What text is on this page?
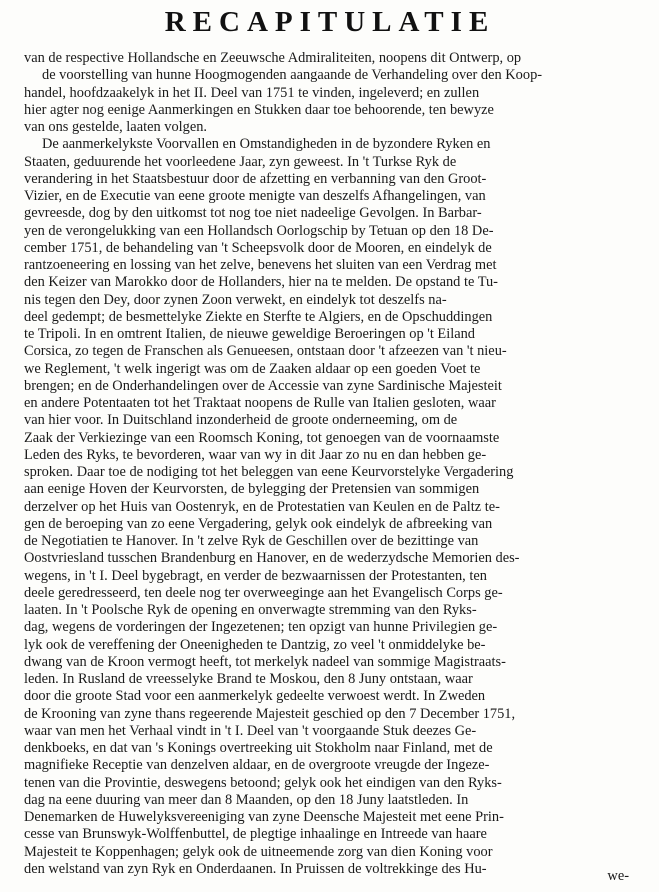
RECAPITULATIE
van de respective Hollandsche en Zeeuwsche Admiraliteiten, noopens dit Ontwerp, op
de voorstelling van hunne Hoogmogenden aangaande de Verhandeling over den Koop-
handel, hoofdzaakelyk in het II. Deel van 1751 te vinden, ingeleverd; en zullen
hier agter nog eenige Aanmerkingen en Stukken daar toe behoorende, ten bewyze
van ons gestelde, laaten volgen.
De aanmerkelykste Voorvallen en Omstandigheden in de byzondere Ryken en
Staaten, geduurende het voorleedene Jaar, zyn geweest. In 't Turkse Ryk de
verandering in het Staatsbestuur door de afzetting en verbanning van den Groot-
Vizier, en de Executie van eene groote menigte van deszelfs Afhangelingen, van
gevreesde, dog by den uitkomst tot nog toe niet nadeelige Gevolgen. In Barbar-
yen de verongelukking van een Hollandsch Oorlogschip by Tetuan op den 18 De-
cember 1751, de behandeling van 't Scheepsvolk door de Mooren, en eindelyk de
rantzoeneering en lossing van het zelve, benevens het sluiten van een Verdrag met
den Keizer van Marokko door de Hollanders, hier na te melden. De opstand te Tu-
nis tegen den Dey, door zynen Zoon verwekt, en eindelyk tot deszelfs na-
deel gedempt; de besmettelyke Ziekte en Sterfte te Algiers, en de Opschuddingen
te Tripoli. In en omtrent Italien, de nieuwe geweldige Beroeringen op 't Eiland
Corsica, zo tegen de Franschen als Genueesen, ontstaan door 't afzeezen van 't nieu-
we Reglement, 't welk ingerigt was om de Zaaken aldaar op een goeden Voet te
brengen; en de Onderhandelingen over de Accessie van zyne Sardinische Majesteit
en andere Potentaaten tot het Traktaat noopens de Rulle van Italien gesloten, waar
van hier voor. In Duitschland inzonderheid de groote onderneeming, om de
Zaak der Verkiezinge van een Roomsch Koning, tot genoegen van de voornaamste
Leden des Ryks, te bevorderen, waar van wy in dit Jaar zo nu en dan hebben ge-
sproken. Daar toe de nodiging tot het beleggen van eene Keurvorstelyke Vergadering
aan eenige Hoven der Keurvorsten, de bylegging der Pretensien van sommigen
derzelver op het Huis van Oostenryk, en de Protestatien van Keulen en de Paltz te-
gen de beroeping van zo eene Vergadering, gelyk ook eindelyk de afbreeking van
de Negotiatien te Hanover. In 't zelve Ryk de Geschillen over de bezittinge van
Oostvriesland tusschen Brandenburg en Hanover, en de wederzydsche Memorien des-
wegens, in 't I. Deel bygebragt, en verder de bezwaarnissen der Protestanten, ten
deele geredresseerd, ten deele nog ter overweeginge aan het Evangelisch Corps ge-
laaten. In 't Poolsche Ryk de opening en onverwagte stremming van den Ryks-
dag, wegens de vorderingen der Ingezetenen; ten opzigt van hunne Privilegien ge-
lyk ook de vereffening der Oneenigheden te Dantzig, zo veel 't onmiddelyke be-
dwang van de Kroon vermogt heeft, tot merkelyk nadeel van sommige Magistraats-
leden. In Rusland de vreesselyke Brand te Moskou, den 8 Juny ontstaan, waar
door die groote Stad voor een aanmerkelyk gedeelte verwoest werdt. In Zweden
de Krooning van zyne thans regeerende Majesteit geschied op den 7 December 1751,
waar van men het Verhaal vindt in 't I. Deel van 't voorgaande Stuk deezes Ge-
denkboeks, en dat van 's Konings overtreeking uit Stokholm naar Finland, met de
magnifieke Receptie van denzelven aldaar, en de overgroote vreugde der Ingeze-
tenen van die Provintie, deswegens betoond; gelyk ook het eindigen van den Ryks-
dag na eene duuring van meer dan 8 Maanden, op den 18 Juny laatstleden. In
Denemarken de Huwelyksvereeniging van zyne Deensche Majesteit met eene Prin-
cesse van Brunswyk-Wolffenbuttel, de plegtige inhaalinge en Intreede van haare
Majesteit te Koppenhagen; gelyk ook de uitneemende zorg van dien Koning voor
den welstand van zyn Ryk en Onderdaanen. In Pruissen de voltrekkinge des Hu-	we-
